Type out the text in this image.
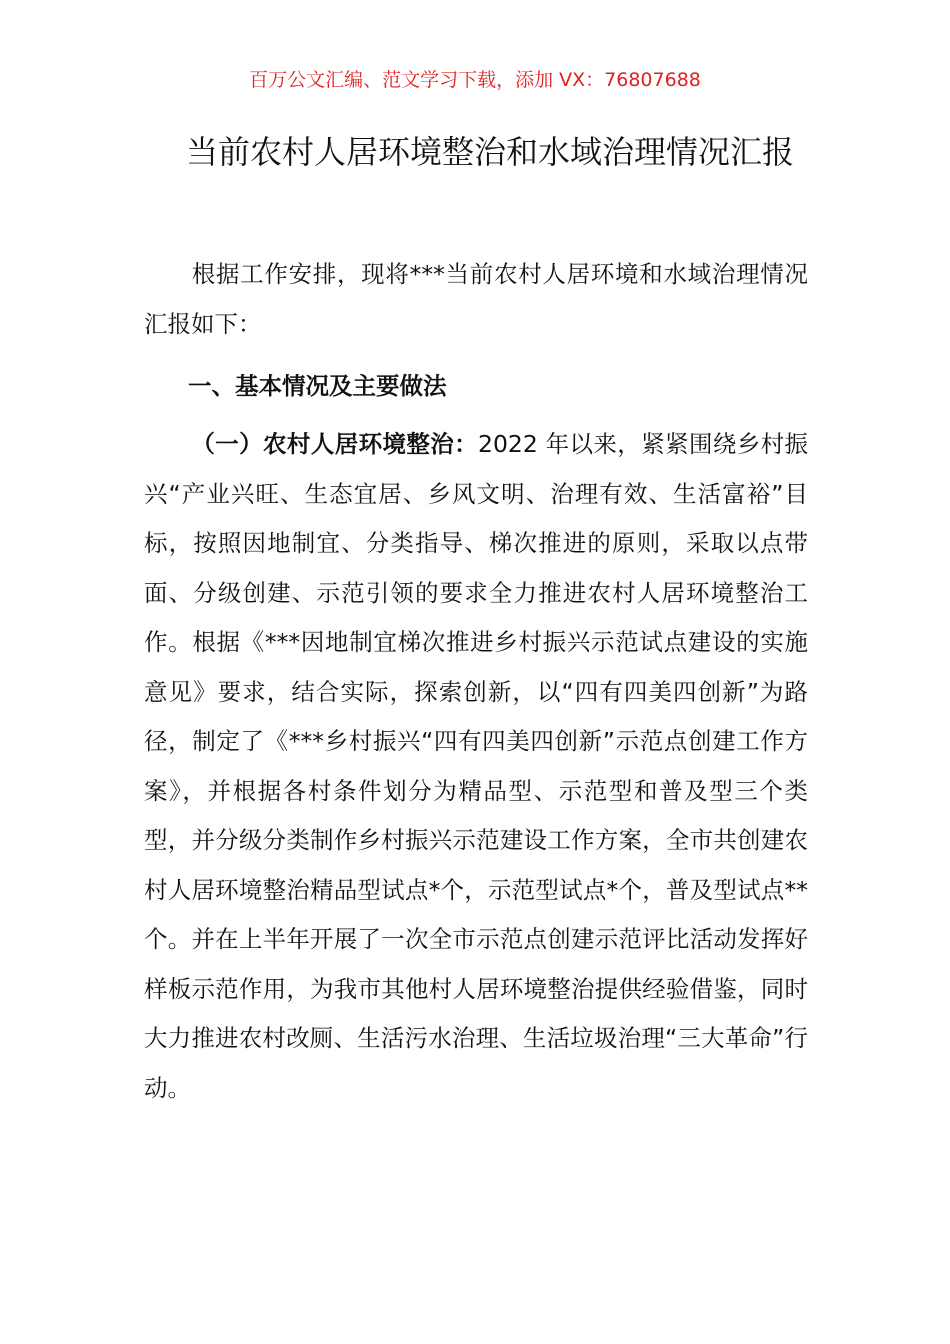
百万公文汇编、范文学习下载，添加 VX：76807688
当前农村人居环境整治和水域治理情况汇报

根据工作安排，现将***当前农村人居环境和水域治理情况汇报如下：

一、基本情况及主要做法

（一）农村人居环境整治：2022 年以来，紧紧围绕乡村振兴“产业兴旺、生态宜居、乡风文明、治理有效、生活富裕”目标，按照因地制宜、分类指导、梯次推进的原则，采取以点带面、分级创建、示范引领的要求全力推进农村人居环境整治工作。根据《***因地制宜梯次推进乡村振兴示范试点建设的实施意见》要求，结合实际，探索创新，以“四有四美四创新”为路径，制定了《***乡村振兴“四有四美四创新”示范点创建工作方案》，并根据各村条件划分为精品型、示范型和普及型三个类型，并分级分类制作乡村振兴示范建设工作方案，全市共创建农村人居环境整治精品型试点*个，示范型试点*个，普及型试点**个。并在上半年开展了一次全市示范点创建示范评比活动发挥好样板示范作用，为我市其他村人居环境整治提供经验借鉴，同时大力推进农村改厕、生活污水治理、生活垃圾治理“三大革命”行动。
